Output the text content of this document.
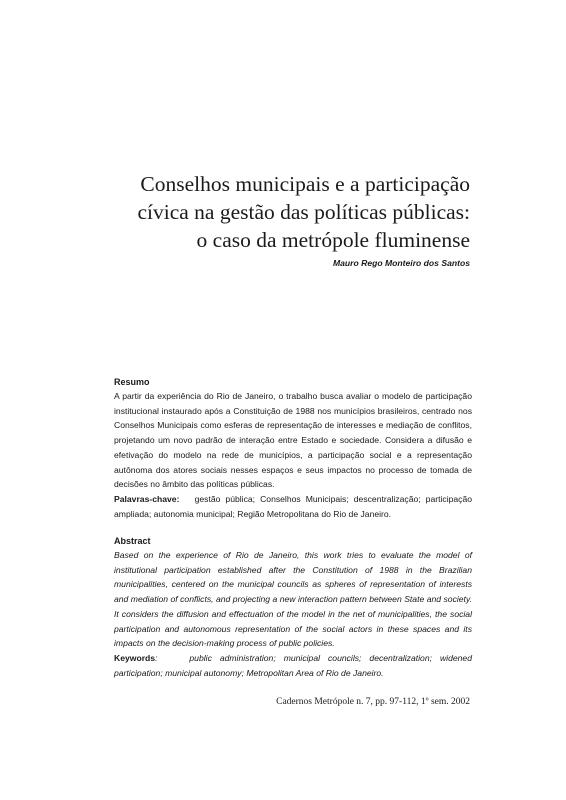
Conselhos municipais e a participação
cívica na gestão das políticas públicas:
o caso da metrópole fluminense
Mauro Rego Monteiro dos Santos
Resumo
A partir da experiência do Rio de Janeiro, o trabalho busca avaliar o modelo de participação institucional instaurado após a Constituição de 1988 nos municípios brasileiros, centrado nos Conselhos Municipais como esferas de representação de interesses e mediação de conflitos, projetando um novo padrão de interação entre Estado e sociedade. Considera a difusão e efetivação do modelo na rede de municípios, a participação social e a representação autônoma dos atores sociais nesses espaços e seus impactos no processo de tomada de decisões no âmbito das políticas públicas.
Palavras-chave:   gestão pública; Conselhos Municipais; descentralização; participação ampliada; autonomia municipal; Região Metropolitana do Rio de Janeiro.
Abstract
Based on the experience of Rio de Janeiro, this work tries to evaluate the model of institutional participation established after the Constitution of 1988 in the Brazilian municipalities, centered on the municipal councils as spheres of representation of interests and mediation of conflicts, and projecting a new interaction pattern between State and society. It considers the diffusion and effectuation of the model in the net of municipalities, the social participation and autonomous representation of the social actors in these spaces and its impacts on the decision-making process of public policies.
Keywords:    public administration; municipal councils; decentralization; widened participation; municipal autonomy; Metropolitan Area of Rio de Janeiro.
Cadernos Metrópole n. 7, pp. 97-112, 1º sem. 2002
